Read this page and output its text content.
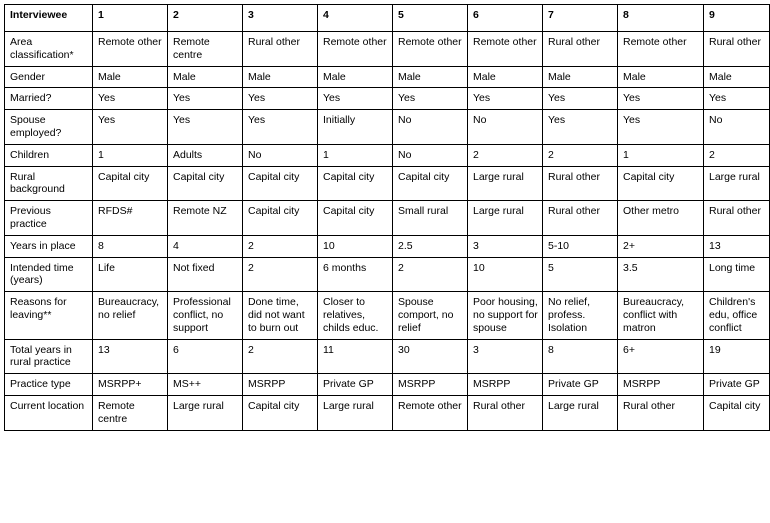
Interviewee	1	2	3	4	5	6	7	8	9
Area classification*	Remote other	Remote centre	Rural other	Remote other	Remote other	Remote other	Rural other	Remote other	Rural other
Gender	Male	Male	Male	Male	Male	Male	Male	Male	Male
Married?	Yes	Yes	Yes	Yes	Yes	Yes	Yes	Yes	Yes
Spouse employed?	Yes	Yes	Yes	Initially	No	No	Yes	Yes	No
Children	1	Adults	No	1	No	2	2	1	2
Rural background	Capital city	Capital city	Capital city	Capital city	Capital city	Large rural	Rural other	Capital city	Large rural
Previous practice	RFDS#	Remote NZ	Capital city	Capital city	Small rural	Large rural	Rural other	Other metro	Rural other
Years in place	8	4	2	10	2.5	3	5-10	2+	13
Intended time (years)	Life	Not fixed	2	6 months	2	10	5	3.5	Long time
Reasons for leaving**	Bureaucracy, no relief	Professional conflict, no support	Done time, did not want to burn out	Closer to relatives, childs educ.	Spouse comport, no relief	Poor housing, no support for spouse	No relief, profess. Isolation	Bureaucracy, conflict with matron	Children's edu, office conflict
Total years in rural practice	13	6	2	11	30	3	8	6+	19
Practice type	MSRPP+	MS++	MSRPP	Private GP	MSRPP	MSRPP	Private GP	MSRPP	Private GP
Current location	Remote centre	Large rural	Capital city	Large rural	Remote other	Rural other	Large rural	Rural other	Capital city
